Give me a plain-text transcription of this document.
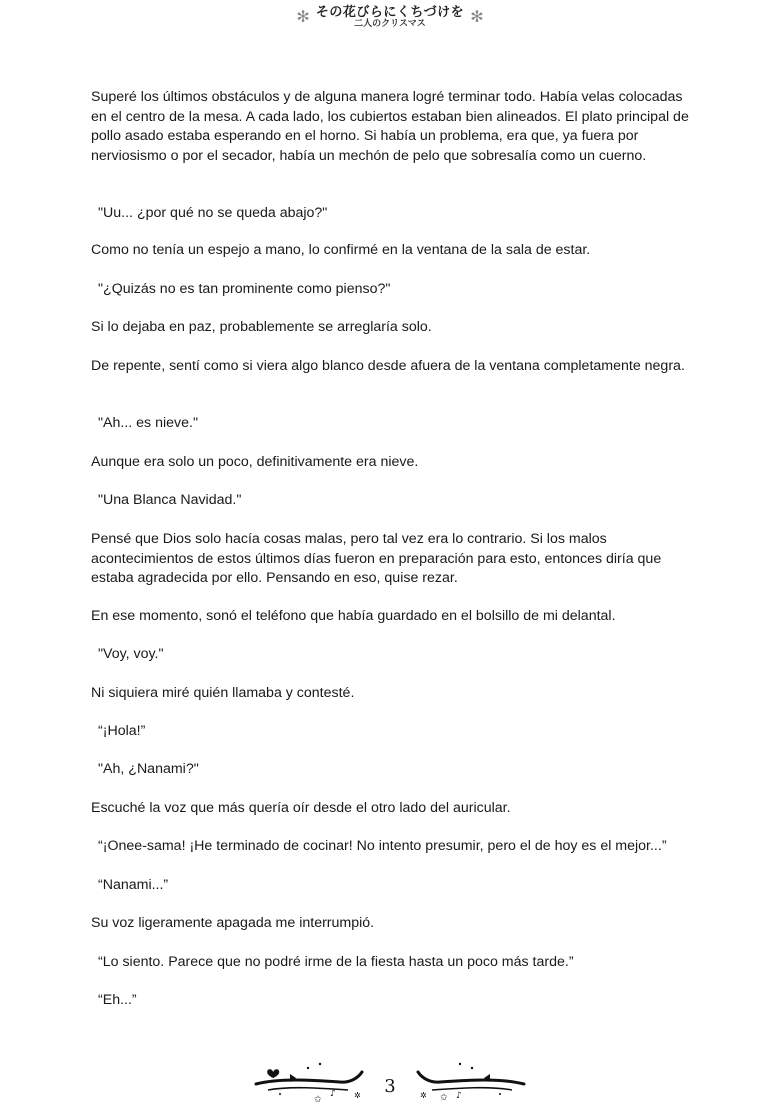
✻ その花びらにくちづけを
二人のクリスマス	✻

Superé los últimos obstáculos y de alguna manera logré terminar todo. Había velas colocadas en el centro de la mesa. A cada lado, los cubiertos estaban bien alineados. El plato principal de pollo asado estaba esperando en el horno. Si había un problema, era que, ya fuera por nerviosismo o por el secador, había un mechón de pelo que sobresalía como un cuerno.

"Uu... ¿por qué no se queda abajo?"

Como no tenía un espejo a mano, lo confirmé en la ventana de la sala de estar.

"¿Quizás no es tan prominente como pienso?"

Si lo dejaba en paz, probablemente se arreglaría solo.

De repente, sentí como si viera algo blanco desde afuera de la ventana completamente negra.

"Ah... es nieve."

Aunque era solo un poco, definitivamente era nieve.

"Una Blanca Navidad."

Pensé que Dios solo hacía cosas malas, pero tal vez era lo contrario. Si los malos acontecimientos de estos últimos días fueron en preparación para esto, entonces diría que estaba agradecida por ello. Pensando en eso, quise rezar.

En ese momento, sonó el teléfono que había guardado en el bolsillo de mi delantal.

"Voy, voy."

Ni siquiera miré quién llamaba y contesté.

“¡Hola!”

"Ah, ¿Nanami?"

Escuché la voz que más quería oír desde el otro lado del auricular.

“¡Onee-sama! ¡He terminado de cocinar! No intento presumir, pero el de hoy es el mejor...”

“Nanami...”

Su voz ligeramente apagada me interrumpió.

“Lo siento. Parece que no podré irme de la fiesta hasta un poco más tarde.”

“Eh...”

✩
♪ ✲	✩ ♪
✲
3
